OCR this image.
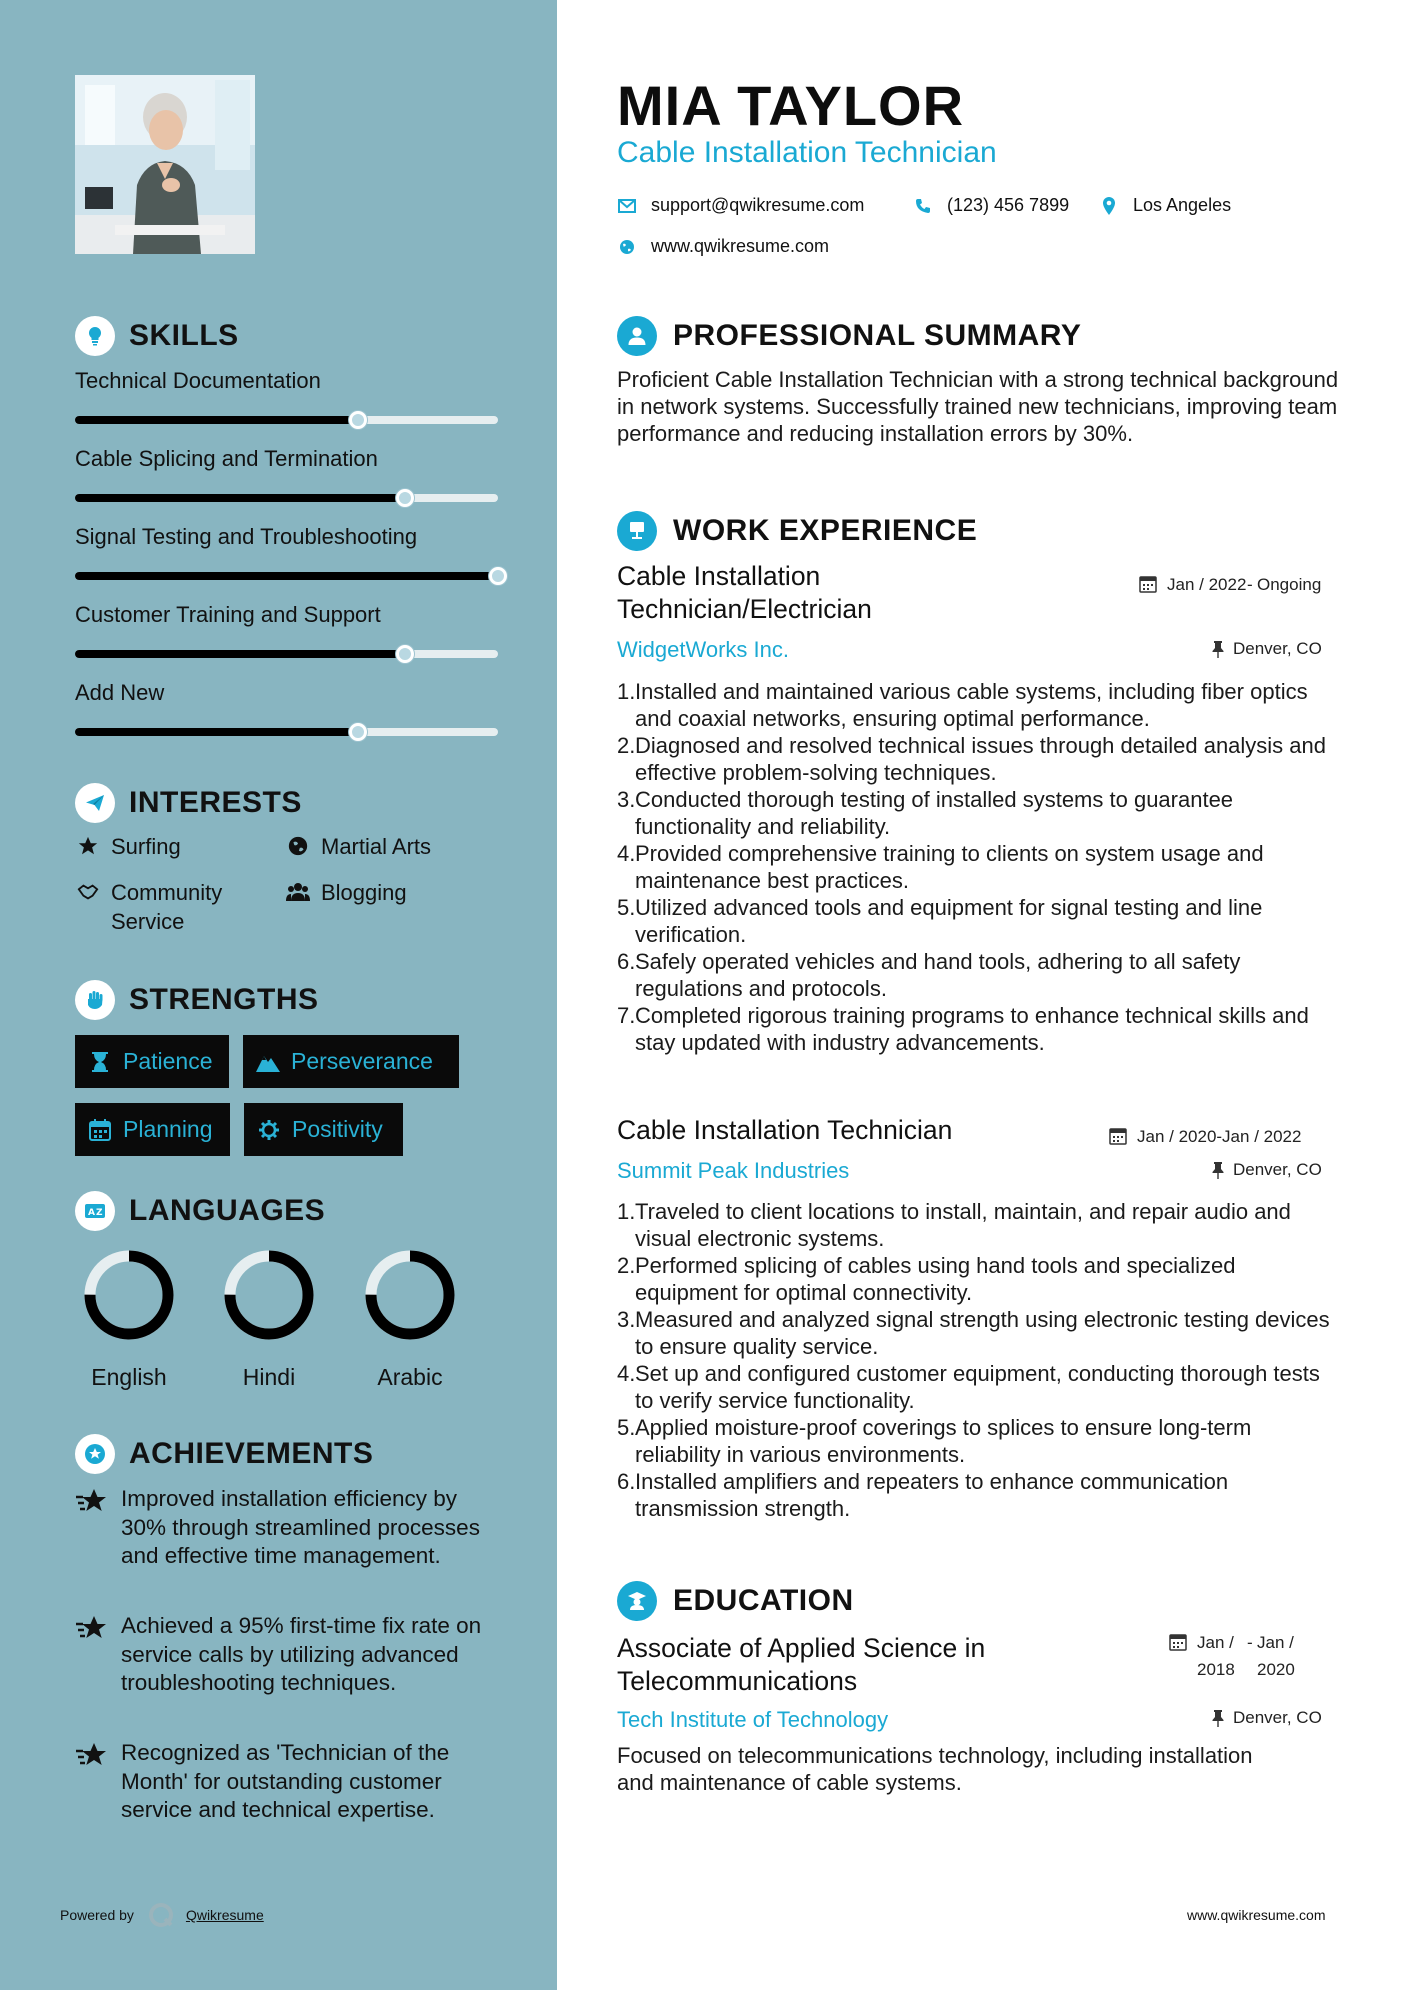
SKILLS
Technical Documentation
Cable Splicing and Termination
Signal Testing and Troubleshooting
Customer Training and Support
Add New
INTERESTS
Surfing	Martial Arts
Community Service
Blogging
STRENGTHS
Patience	Perseverance
Planning	Positivity
A Z LANGUAGES
English	Hindi	Arabic
ACHIEVEMENTS
Improved installation efficiency by 30% through streamlined processes and effective time management.
Achieved a 95% first-time fix rate on service calls by utilizing advanced troubleshooting techniques.
Recognized as 'Technician of the Month' for outstanding customer service and technical expertise.
Powered by	Qwikresume
MIA TAYLOR
Cable Installation Technician
support@qwikresume.com	(123) 456 7899	Los Angeles
www.qwikresume.com
PROFESSIONAL SUMMARY
Proficient Cable Installation Technician with a strong technical background in network systems. Successfully trained new technicians, improving team performance and reducing installation errors by 30%.
WORK EXPERIENCE
Cable Installation Technician/Electrician
Jan / 2022 - Ongoing
WidgetWorks Inc.	Denver, CO
1. Installed and maintained various cable systems, including fiber optics and coaxial networks, ensuring optimal performance.
2. Diagnosed and resolved technical issues through detailed analysis and effective problem-solving techniques.
3. Conducted thorough testing of installed systems to guarantee functionality and reliability.
4. Provided comprehensive training to clients on system usage and maintenance best practices.
5. Utilized advanced tools and equipment for signal testing and line verification.
6. Safely operated vehicles and hand tools, adhering to all safety regulations and protocols.
7. Completed rigorous training programs to enhance technical skills and stay updated with industry advancements.
Cable Installation Technician	Jan / 2020-Jan / 2022
Summit Peak Industries	Denver, CO
1. Traveled to client locations to install, maintain, and repair audio and visual electronic systems.
2. Performed splicing of cables using hand tools and specialized equipment for optimal connectivity.
3. Measured and analyzed signal strength using electronic testing devices to ensure quality service.
4. Set up and configured customer equipment, conducting thorough tests to verify service functionality.
5. Applied moisture-proof coverings to splices to ensure long-term reliability in various environments.
6. Installed amplifiers and repeaters to enhance communication transmission strength.
EDUCATION
Associate of Applied Science in Telecommunications
Jan / 2018
- Jan / 2020
Tech Institute of Technology	Denver, CO
Focused on telecommunications technology, including installation and maintenance of cable systems.
www.qwikresume.com
